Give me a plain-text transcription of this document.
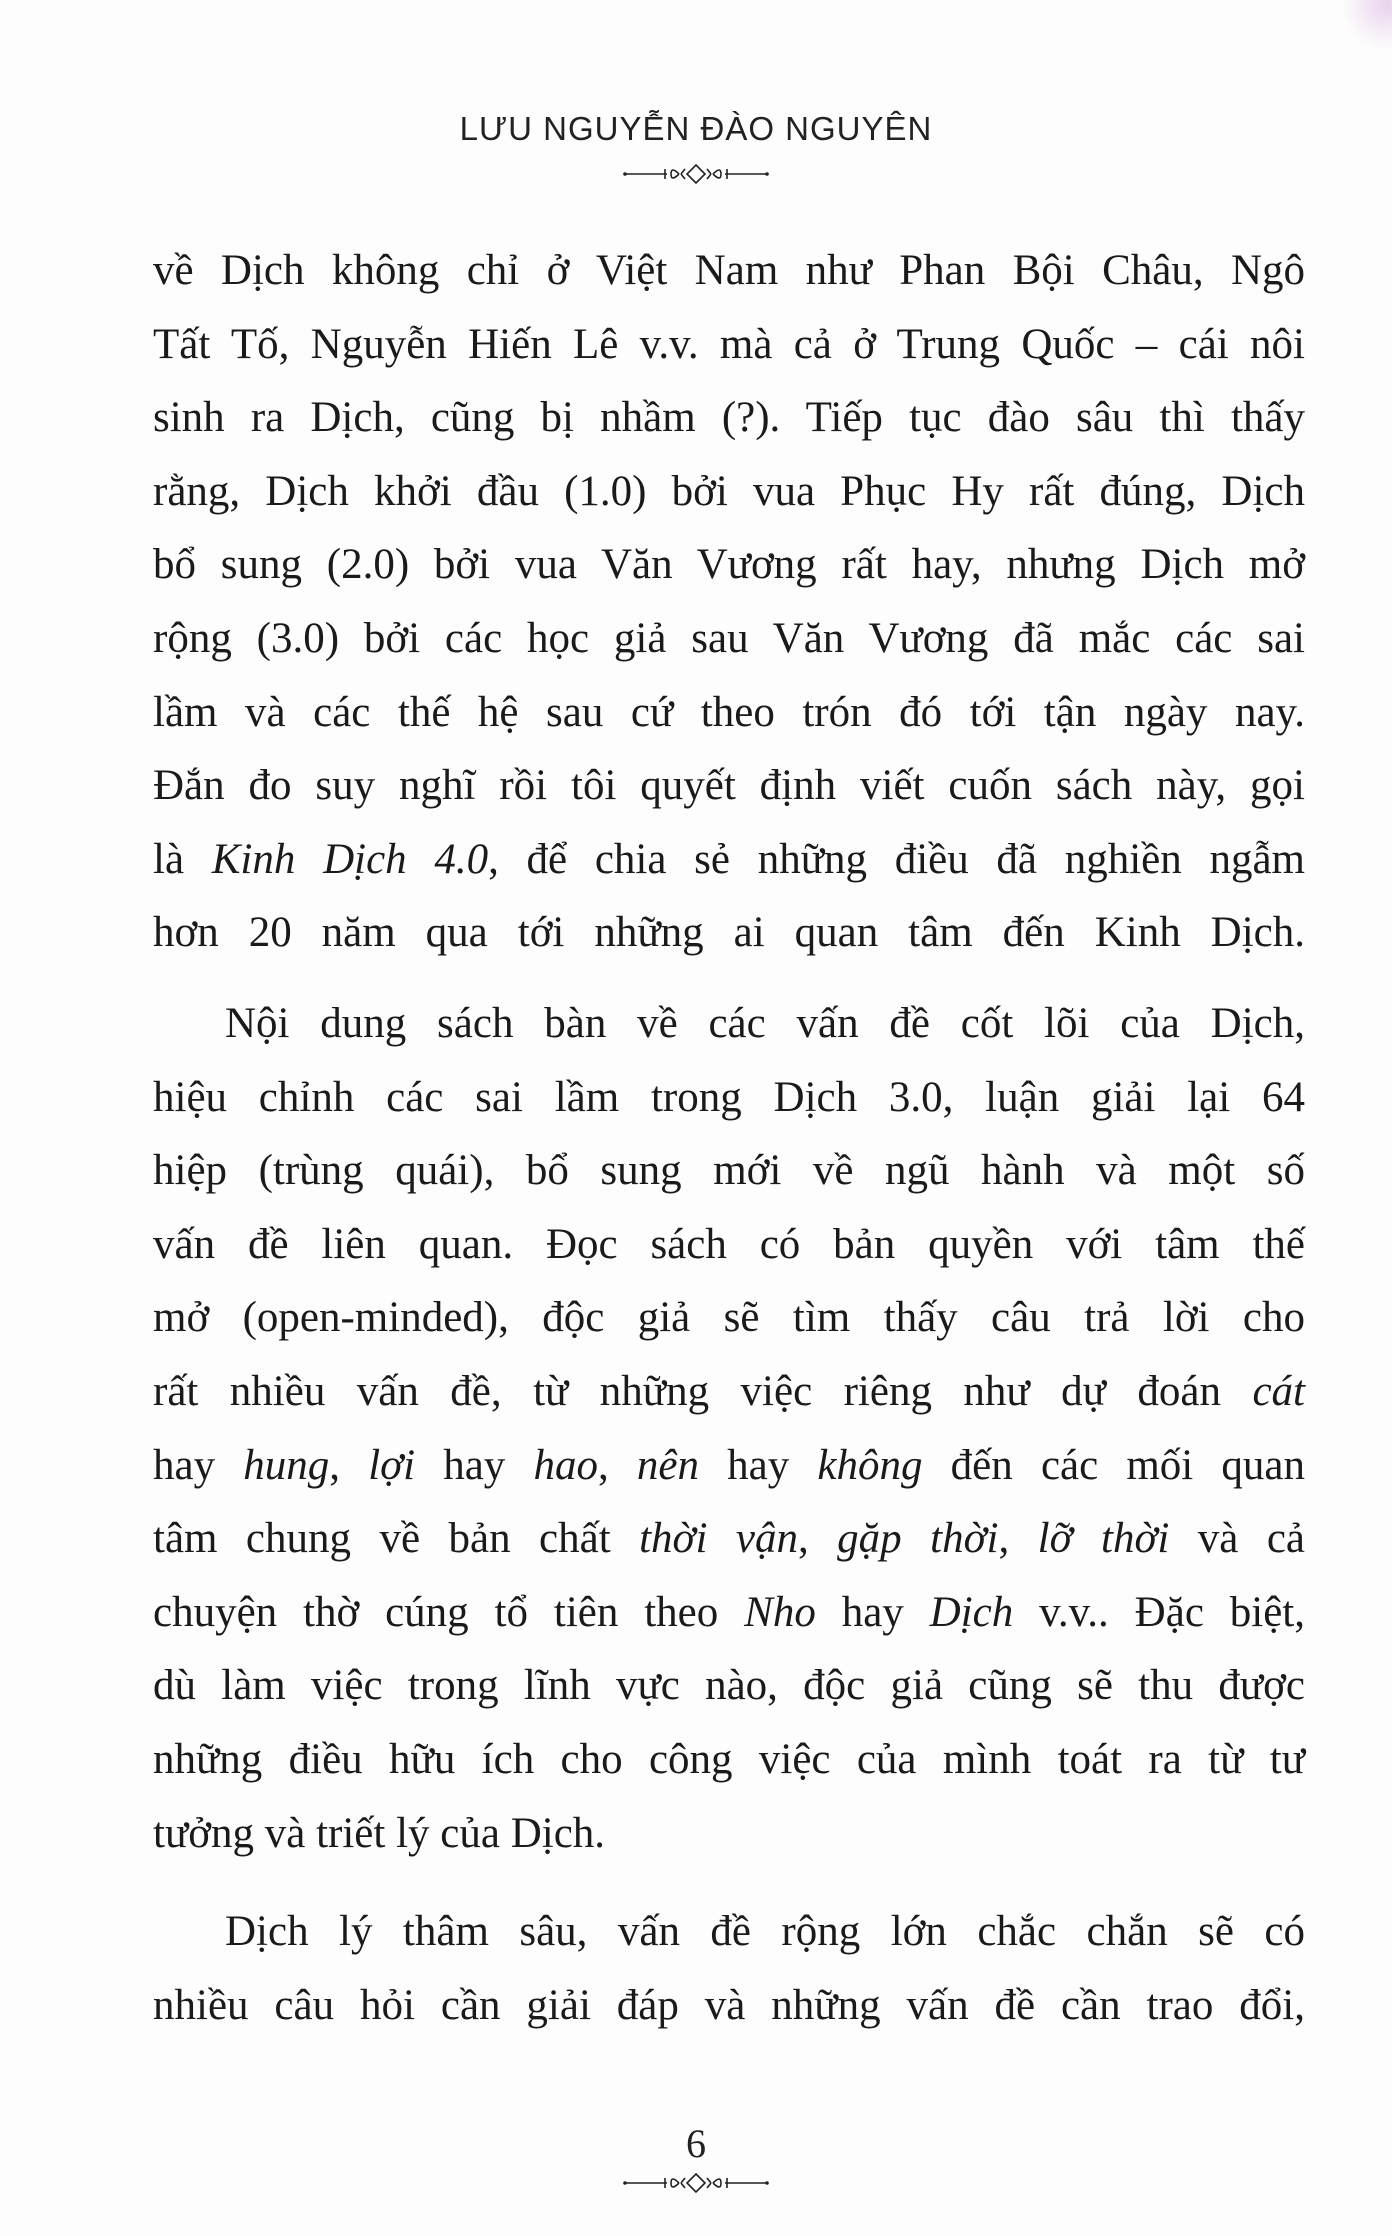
LƯU NGUYỄN ĐÀO NGUYÊN
về Dịch không chỉ ở Việt Nam như Phan Bội Châu, Ngô
Tất Tố, Nguyễn Hiến Lê v.v. mà cả ở Trung Quốc – cái nôi
sinh ra Dịch, cũng bị nhầm (?). Tiếp tục đào sâu thì thấy
rằng, Dịch khởi đầu (1.0) bởi vua Phục Hy rất đúng, Dịch
bổ sung (2.0) bởi vua Văn Vương rất hay, nhưng Dịch mở
rộng (3.0) bởi các học giả sau Văn Vương đã mắc các sai
lầm và các thế hệ sau cứ theo trón đó tới tận ngày nay.
Đắn đo suy nghĩ rồi tôi quyết định viết cuốn sách này, gọi
là Kinh Dịch 4.0, để chia sẻ những điều đã nghiền ngẫm
hơn 20 năm qua tới những ai quan tâm đến Kinh Dịch.
Nội dung sách bàn về các vấn đề cốt lõi của Dịch,
hiệu chỉnh các sai lầm trong Dịch 3.0, luận giải lại 64
hiệp (trùng quái), bổ sung mới về ngũ hành và một số
vấn đề liên quan. Đọc sách có bản quyền với tâm thế
mở (open-minded), độc giả sẽ tìm thấy câu trả lời cho
rất nhiều vấn đề, từ những việc riêng như dự đoán cát
hay hung, lợi hay hao, nên hay không đến các mối quan
tâm chung về bản chất thời vận, gặp thời, lỡ thời và cả
chuyện thờ cúng tổ tiên theo Nho hay Dịch v.v.. Đặc biệt,
dù làm việc trong lĩnh vực nào, độc giả cũng sẽ thu được
những điều hữu ích cho công việc của mình toát ra từ tư
tưởng và triết lý của Dịch.
Dịch lý thâm sâu, vấn đề rộng lớn chắc chắn sẽ có
nhiều câu hỏi cần giải đáp và những vấn đề cần trao đổi,
6
